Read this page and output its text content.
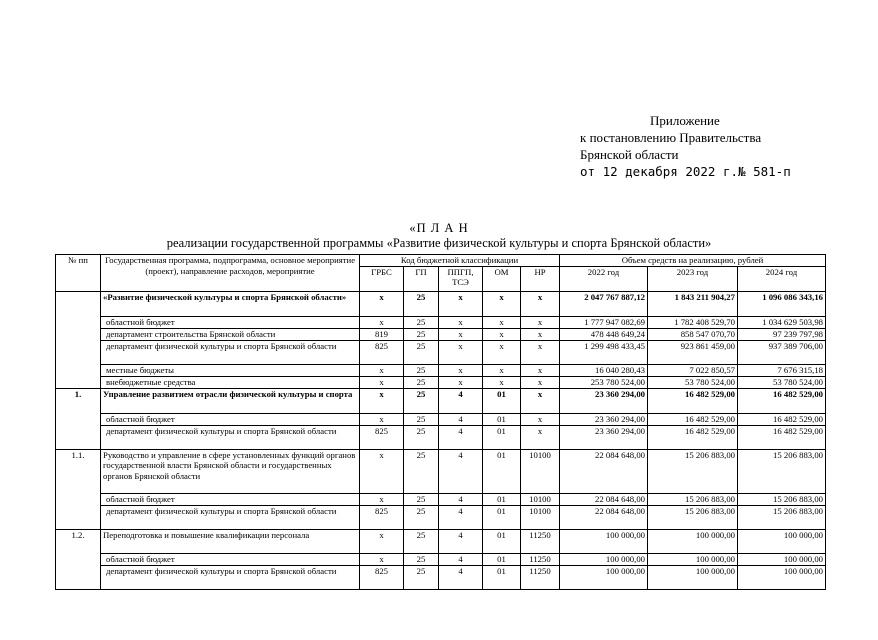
Приложение
к постановлению Правительства
Брянской области
от 12 декабря 2022 г.№ 581-п
«П Л А Н
реализации государственной программы «Развитие физической культуры и спорта Брянской области»
№ пп	Государственная программа, подпрограмма, основное мероприятие (проект), направление расходов, мероприятие	Код бюджетной классификации					Объем средств на реализацию, рублей		
		ГРБС	ГП	ППГП, ТСЭ	ОМ	НР	2022 год	2023 год	2024 год
	«Развитие физической культуры и спорта Брянской области»	х	25	х	х	х	2 047 767 887,12	1 843 211 904,27	1 096 086 343,16
	областной бюджет	х	25	х	х	х	1 777 947 082,69	1 782 408 529,70	1 034 629 503,98
	департамент строительства Брянской области	819	25	х	х	х	478 448 649,24	858 547 070,70	97 239 797,98
	департамент физической культуры и спорта Брянской области	825	25	х	х	х	1 299 498 433,45	923 861 459,00	937 389 706,00
	местные бюджеты	х	25	х	х	х	16 040 280,43	7 022 850,57	7 676 315,18
	внебюджетные средства	х	25	х	х	х	253 780 524,00	53 780 524,00	53 780 524,00
1.	Управление развитием отрасли физической культуры и спорта	х	25	4	01	х	23 360 294,00	16 482 529,00	16 482 529,00
	областной бюджет	х	25	4	01	х	23 360 294,00	16 482 529,00	16 482 529,00
	департамент физической культуры и спорта Брянской области	825	25	4	01	х	23 360 294,00	16 482 529,00	16 482 529,00
1.1.	Руководство и управление в сфере установленных функций органов государственной власти Брянской области и государственных органов Брянской области	х	25	4	01	10100	22 084 648,00	15 206 883,00	15 206 883,00
	областной бюджет	х	25	4	01	10100	22 084 648,00	15 206 883,00	15 206 883,00
	департамент физической культуры и спорта Брянской области	825	25	4	01	10100	22 084 648,00	15 206 883,00	15 206 883,00
1.2.	Переподготовка и повышение квалификации персонала	х	25	4	01	11250	100 000,00	100 000,00	100 000,00
	областной бюджет	х	25	4	01	11250	100 000,00	100 000,00	100 000,00
	департамент физической культуры и спорта Брянской области	825	25	4	01	11250	100 000,00	100 000,00	100 000,00
